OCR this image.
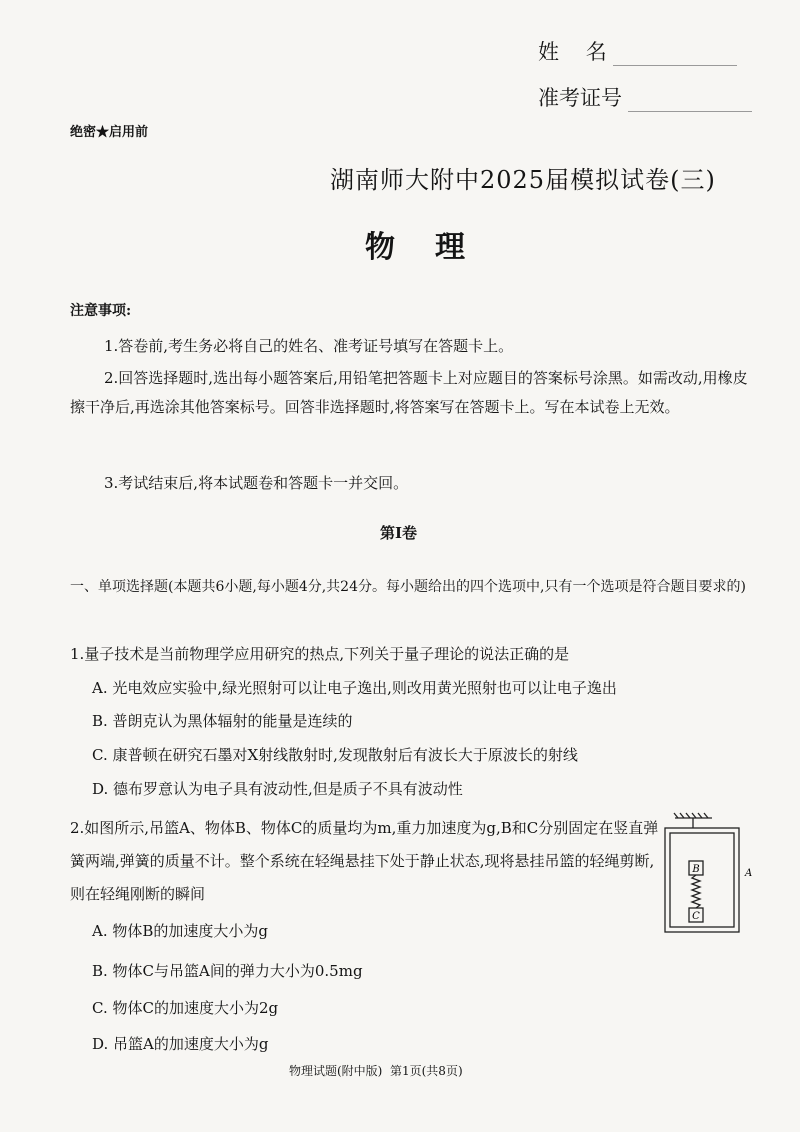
姓    名
准考证号
绝密★启用前
湖南师大附中2025届模拟试卷(三)
物理
注意事项:
1.答卷前,考生务必将自己的姓名、准考证号填写在答题卡上。
2.回答选择题时,选出每小题答案后,用铅笔把答题卡上对应题目的答案标号涂黑。如需改动,用橡皮擦干净后,再选涂其他答案标号。回答非选择题时,将答案写在答题卡上。写在本试卷上无效。
3.考试结束后,将本试题卷和答题卡一并交回。
第Ⅰ卷
一、单项选择题(本题共6小题,每小题4分,共24分。每小题给出的四个选项中,只有一个选项是符合题目要求的)
1.量子技术是当前物理学应用研究的热点,下列关于量子理论的说法正确的是
A. 光电效应实验中,绿光照射可以让电子逸出,则改用黄光照射也可以让电子逸出
B. 普朗克认为黑体辐射的能量是连续的
C. 康普顿在研究石墨对X射线散射时,发现散射后有波长大于原波长的射线
D. 德布罗意认为电子具有波动性,但是质子不具有波动性
2.如图所示,吊篮A、物体B、物体C的质量均为m,重力加速度为g,B和C分别固定在竖直弹簧两端,弹簧的质量不计。整个系统在轻绳悬挂下处于静止状态,现将悬挂吊篮的轻绳剪断,则在轻绳刚断的瞬间
A. 物体B的加速度大小为g
B. 物体C与吊篮A间的弹力大小为0.5mg
C. 物体C的加速度大小为2g
D. 吊篮A的加速度大小为g
B
C
A
物理试题(附中版)  第1页(共8页)
